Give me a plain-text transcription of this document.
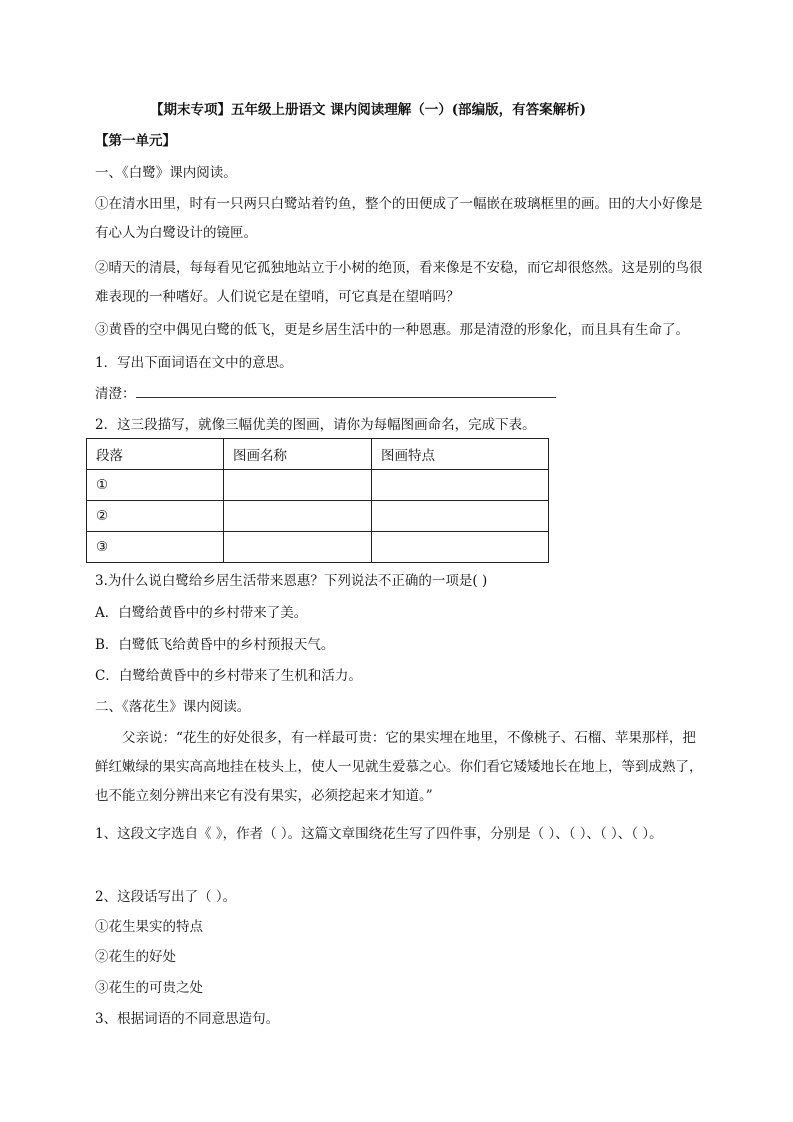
【期末专项】五年级上册语文 课内阅读理解（一）(部编版，有答案解析)
【第一单元】
一、《白鹭》课内阅读。
①在清水田里，时有一只两只白鹭站着钓鱼，整个的田便成了一幅嵌在玻璃框里的画。田的大小好像是有心人为白鹭设计的镜匣。
②晴天的清晨，每每看见它孤独地站立于小树的绝顶，看来像是不安稳，而它却很悠然。这是别的鸟很难表现的一种嗜好。人们说它是在望哨，可它真是在望哨吗？
③黄昏的空中偶见白鹭的低飞，更是乡居生活中的一种恩惠。那是清澄的形象化，而且具有生命了。
1．写出下面词语在文中的意思。
清澄：
2．这三段描写，就像三幅优美的图画，请你为每幅图画命名，完成下表。
段落	图画名称	图画特点
①		
②		
③		
3.为什么说白鹭给乡居生活带来恩惠？下列说法不正确的一项是( )
A．白鹭给黄昏中的乡村带来了美。
B．白鹭低飞给黄昏中的乡村预报天气。
C．白鹭给黄昏中的乡村带来了生机和活力。
二、《落花生》课内阅读。
父亲说：“花生的好处很多，有一样最可贵：它的果实埋在地里，不像桃子、石榴、苹果那样，把鲜红嫩绿的果实高高地挂在枝头上，使人一见就生爱慕之心。你们看它矮矮地长在地上，等到成熟了，也不能立刻分辨出来它有没有果实，必须挖起来才知道。”
1、这段文字选自《 》，作者（ ）。这篇文章围绕花生写了四件事，分别是（ ）、（ ）、（ ）、（ ）。
2、这段话写出了（ ）。
①花生果实的特点
②花生的好处
③花生的可贵之处
3、根据词语的不同意思造句。
